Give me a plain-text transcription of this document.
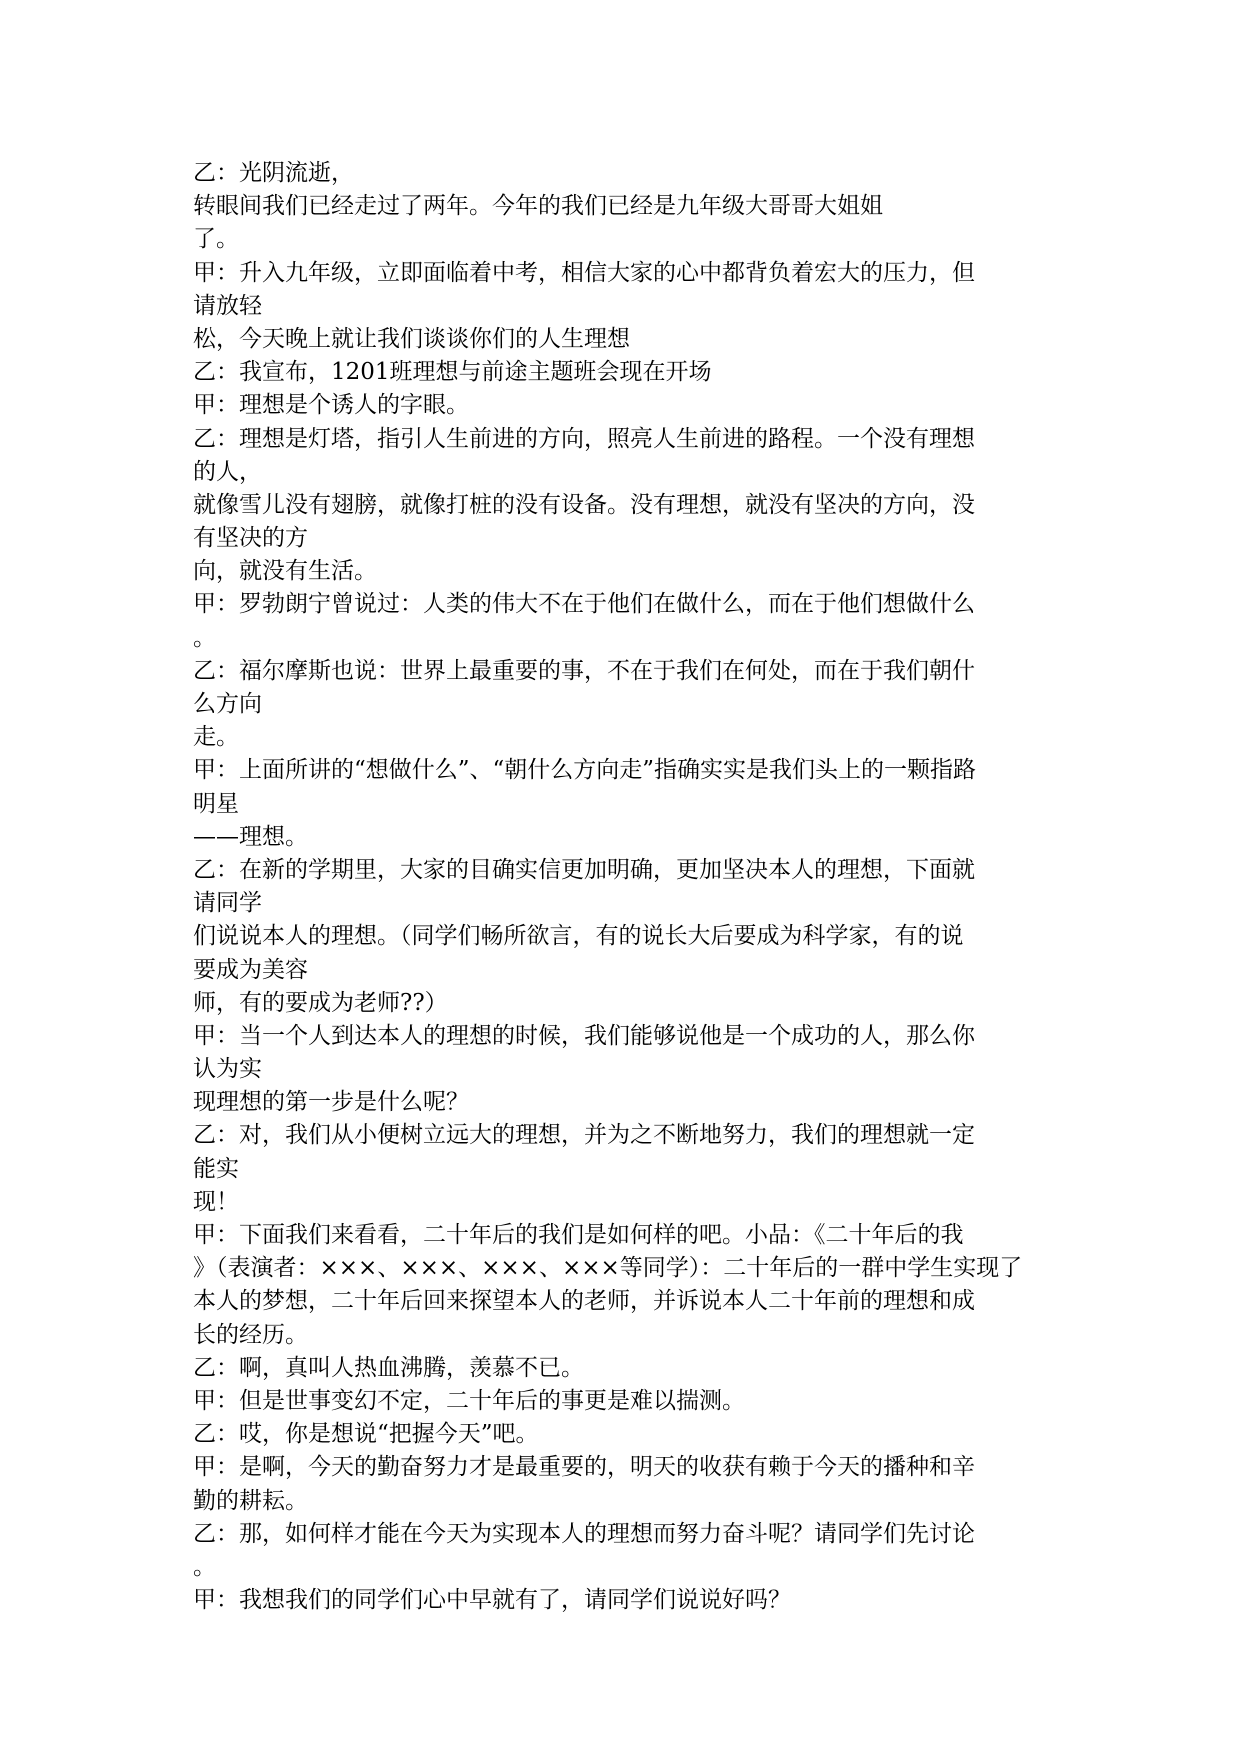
乙：光阴流逝，
转眼间我们已经走过了两年。今年的我们已经是九年级大哥哥大姐姐
了。
甲：升入九年级，立即面临着中考，相信大家的心中都背负着宏大的压力，但
请放轻
松，今天晚上就让我们谈谈你们的人生理想
乙：我宣布，1201班理想与前途主题班会现在开场
甲：理想是个诱人的字眼。
乙：理想是灯塔，指引人生前进的方向，照亮人生前进的路程。一个没有理想
的人，
就像雪儿没有翅膀，就像打桩的没有设备。没有理想，就没有坚决的方向，没
有坚决的方
向，就没有生活。
甲：罗勃朗宁曾说过：人类的伟大不在于他们在做什么，而在于他们想做什么
。
乙：福尔摩斯也说：世界上最重要的事，不在于我们在何处，而在于我们朝什
么方向
走。
甲：上面所讲的“想做什么”、“朝什么方向走”指确实实是我们头上的一颗指路
明星
——理想。
乙：在新的学期里，大家的目确实信更加明确，更加坚决本人的理想，下面就
请同学
们说说本人的理想。（同学们畅所欲言，有的说长大后要成为科学家，有的说
要成为美容
师，有的要成为老师??）
甲：当一个人到达本人的理想的时候，我们能够说他是一个成功的人，那么你
认为实
现理想的第一步是什么呢？
乙：对，我们从小便树立远大的理想，并为之不断地努力，我们的理想就一定
能实
现！
甲：下面我们来看看，二十年后的我们是如何样的吧。小品：《二十年后的我
》（表演者：×××、×××、×××、×××等同学）：二十年后的一群中学生实现了
本人的梦想，二十年后回来探望本人的老师，并诉说本人二十年前的理想和成
长的经历。
乙：啊，真叫人热血沸腾，羡慕不已。
甲：但是世事变幻不定，二十年后的事更是难以揣测。
乙：哎，你是想说“把握今天”吧。
甲：是啊，今天的勤奋努力才是最重要的，明天的收获有赖于今天的播种和辛
勤的耕耘。
乙：那，如何样才能在今天为实现本人的理想而努力奋斗呢？请同学们先讨论
。
甲：我想我们的同学们心中早就有了，请同学们说说好吗？
